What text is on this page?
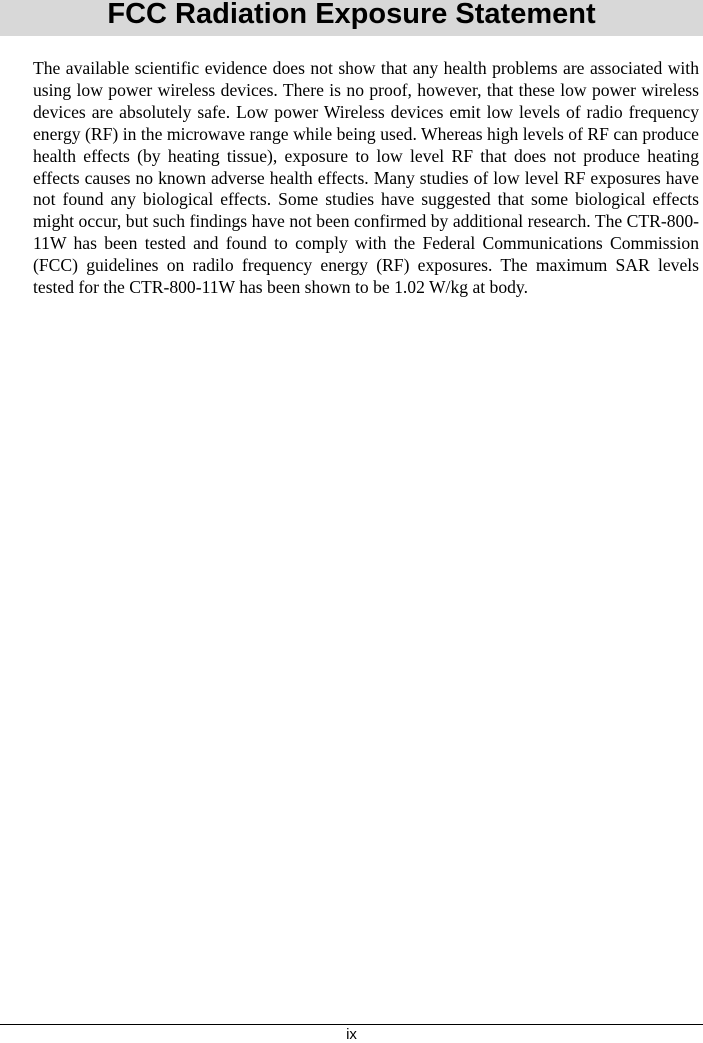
FCC Radiation Exposure Statement

The available scientific evidence does not show that any health problems are associated with using low power wireless devices. There is no proof, however, that these low power wireless devices are absolutely safe. Low power Wireless devices emit low levels of radio frequency energy (RF) in the microwave range while being used. Whereas high levels of RF can produce health effects (by heating tissue), exposure to low level RF that does not produce heating effects causes no known adverse health effects. Many studies of low level RF exposures have not found any biological effects. Some studies have suggested that some biological effects might occur, but such findings have not been confirmed by additional research. The CTR-800-11W has been tested and found to comply with the Federal Communications Commission (FCC) guidelines on radilo frequency energy (RF) exposures. The maximum SAR levels tested for the CTR-800-11W has been shown to be 1.02 W/kg at body.

ix
